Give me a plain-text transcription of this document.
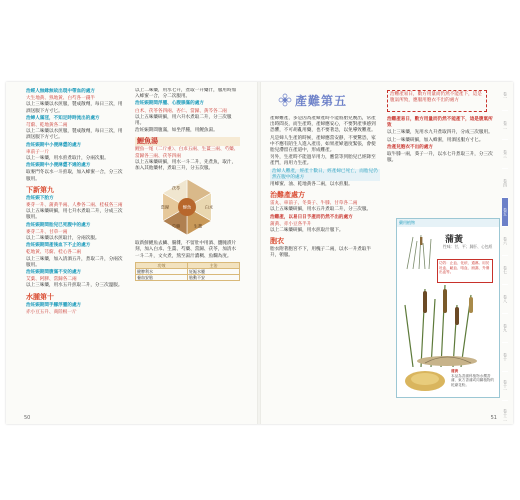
治經人無緣無故出現中帶血的處方
大生地黃、熟地黃、白芍各一錢半
以上三味藥以水煎服，製成散劑，每日三次，用酒送服下方寸匕。
治婦人滿淫，不知足時時流出的處方
芎藭、乾地黃各二兩
以上二味藥以水煎服，製成散劑，每日三次，用酒送服下方寸匕。
治妊娠期中小便淋澀的處方
車前子一斤
以上一味藥，用水煎煮取汁，分兩次服。
治妊娠期中小便淋澀不通的處方
取麥門冬以水一斗煎取，加入蜂蜜一合，分三次服用。
下新第九
治妊娠下胎方
麥芽一升、蒲黃半兩、人參各二兩、桂枝各三兩
以上五味藥研細，用七升水煮取二升，分成三次服用。
治妊娠期間胎兒已死腹中的處方
麥芽二升、甘草一兩
以上二味藥以水煎取汁，分兩次服。
治妊娠期間產後血下不止的處方
乾地黃、芎藭、桂心各二兩
以上三味藥，加入清酒五升，煮取二升，分兩次服用。
治妊娠期間腹滿不安的處方
艾葉、阿膠、當歸各二兩
以上三味藥，用水五升煎取二升，分三次溫服。
水腫第十
治妊娠期間手腳浮腫的處方
赤小豆五升、商陸根一斤
以上二味藥，用水七升，煮取一升藥汁，服用時加入蜂蜜一合，分二次服用。
治妊娠期間浮腫、心腹脹滿的處方
白术、茯苓各四兩、杏仁、當歸、黃芩各二兩
以上五味藥研細，用六升水煮取二升，分三次服用。
治妊娠期間腹滿，如坐浮腫，用鯉魚湯。
鯉魚湯
鯉魚一尾（二斤重）、白朮五兩、生薑三兩、芍藥、當歸各三兩、茯苓四兩
以上五味藥研細，用水一斗二升，先煮魚，取汁，加入其他藥材，煮取三升，分五次服。
鯉魚	白朮
生薑
芍藥
當歸
茯苓
取新鮮鯉魚去鱗、腸雜，不留肚中用酒、鹽腌漬片刻，加入白朮、生薑、芍藥、當歸、茯苓，加清水一斗二升，文火煮，熬至湯汁濃稠、魚爛為度。
功效	主治
健脾利水	妊娠水腫
養血安胎	胎動不安
50
產難第五	治難產易日，數方用量而仍然不能產下，這是腹氣所致，應服用胞衣不出的處方
產婦難產，多是因為產婦產時不能將胎兒娩出，常產出時間長，而生產時，產婦應安心，不要對產事感到恐懼，不可胡亂用藥，也不要著急，以免導致難產。
凡是婦人生產的時候，產婦應當安靜，不要驚恐，家中不應有陌生人進入產房，如果產婦過度緊張，會使胎兒滯留在產道中，形成難產。
另外，生產時不能過早用力，應當等到胎兒已經降至產門，再用力生產。
治婦人難產，經產十數日，經產婦已死亡，而胎兒仍然在腹中的處方
用蜂蜜、油、乾地黃各二兩，以水煎服。
治難產處方
雷丸、車前子、冬葵子、牛膝、甘草各二兩
以上五味藥研細，用水五升煮取二升，分三次服。
治難產，以易日日予產而仍然不出的處方
蒲黃、赤小豆各半升
以上二味藥研細，用水煎取汁服下。
胞衣
胎衣附著胞宮不下，用槐子二兩，以水一升煮取半升，頓服。
治難產易日，數方用量而仍然不能產下，這是腹氣所致
以上三味藥，先用水九升煮取四升，分成三次服用。
以上一味藥研細，加入蜂蜜，用酒送服方寸匕。
治產兒胞衣不出的處方
取牛膝一兩，葵子一升，以水七升煮取三升，分三次服。
藥用植物
蒲黃
性味：甘，平；歸肝、心包經
功效：止血、化瘀、通淋。用於吐血、衄血、咯血、崩漏、外傷出血等。
蒲黃
本品為香蒲科植物水燭香蒲、東方香蒲或同屬植物的乾燥花粉。
卷一
卷二
卷三
卷四
卷五
卷六
卷七
卷八
卷九
卷十
卷十一
卷十二
51
